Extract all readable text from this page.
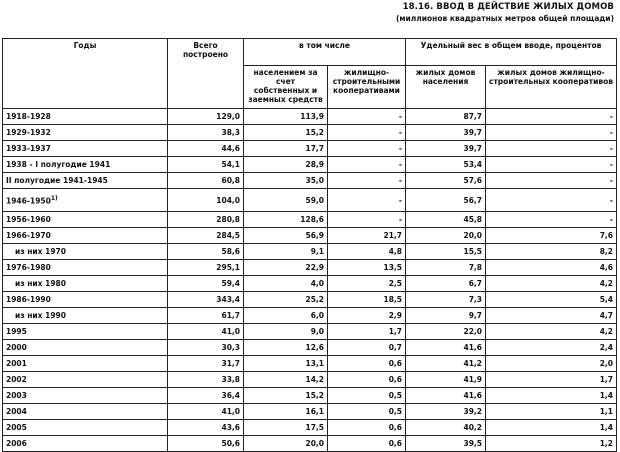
18.16. ВВОД В ДЕЙСТВИЕ ЖИЛЫХ ДОМОВ
(миллионов квадратных метров общей площади)
Годы	Всего построено	в том числе		Удельный вес в общем вводе, процентов	
		населением за счет собственных и заемных средств	жилищно-строительными кооперативами	жилых домов населения	жилых домов жилищно-строительных кооперативов
1918-1928	129,0	113,9	-	87,7	-
1929-1932	38,3	15,2	-	39,7	-
1933-1937	44,6	17,7	-	39,7	-
1938 - I полугодие 1941	54,1	28,9	-	53,4	-
II полугодие 1941-1945	60,8	35,0	-	57,6	-
1946-1950$^{1)}$	104,0	59,0	-	56,7	-
1956-1960	280,8	128,6	-	45,8	-
1966-1970	284,5	56,9	21,7	20,0	7,6
из них 1970	58,6	9,1	4,8	15,5	8,2
1976-1980	295,1	22,9	13,5	7,8	4,6
из них 1980	59,4	4,0	2,5	6,7	4,2
1986-1990	343,4	25,2	18,5	7,3	5,4
из них 1990	61,7	6,0	2,9	9,7	4,7
1995	41,0	9,0	1,7	22,0	4,2
2000	30,3	12,6	0,7	41,6	2,4
2001	31,7	13,1	0,6	41,2	2,0
2002	33,8	14,2	0,6	41,9	1,7
2003	36,4	15,2	0,5	41,6	1,4
2004	41,0	16,1	0,5	39,2	1,1
2005	43,6	17,5	0,6	40,2	1,4
2006	50,6	20,0	0,6	39,5	1,2
